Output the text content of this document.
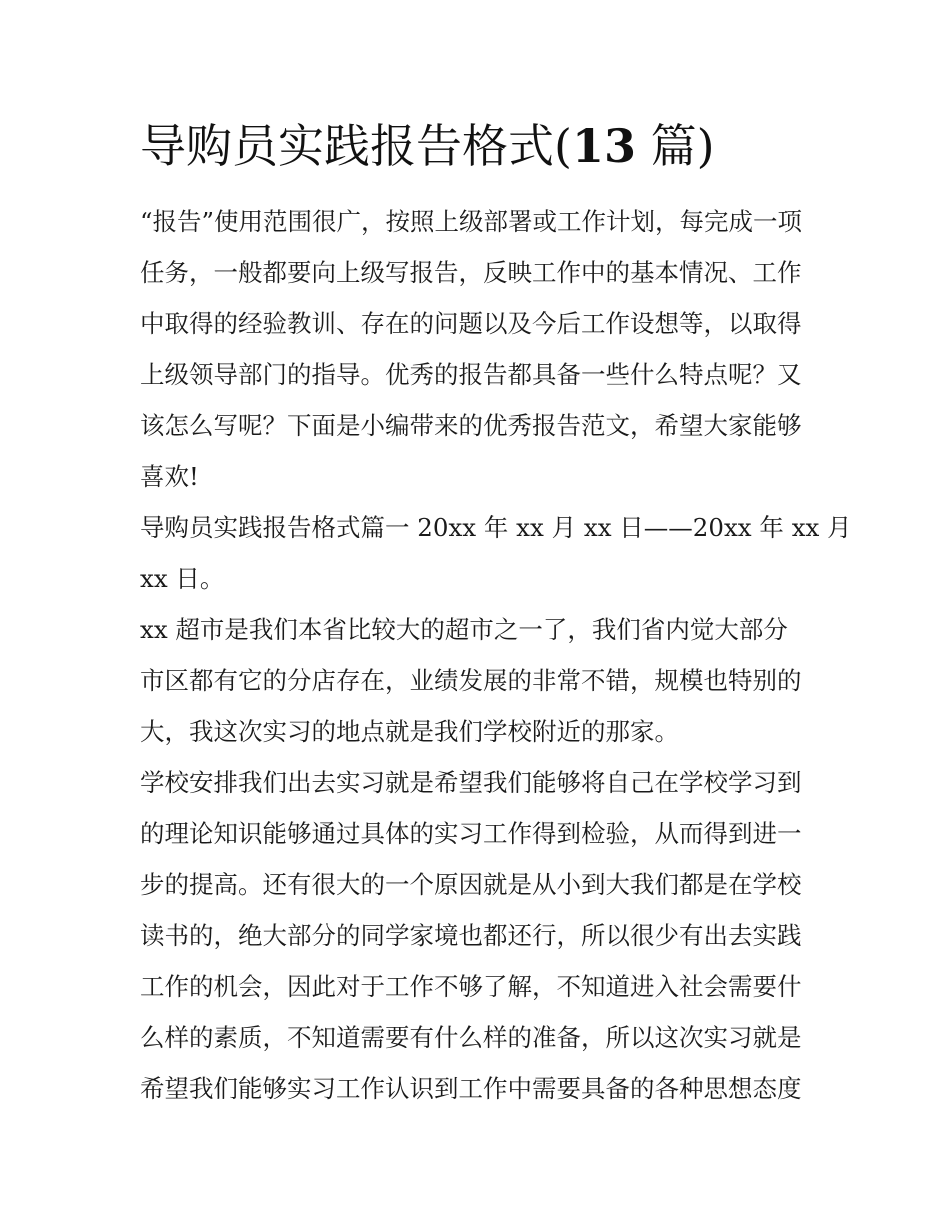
导购员实践报告格式(13 篇)
“报告”使用范围很广，按照上级部署或工作计划，每完成一项
任务，一般都要向上级写报告，反映工作中的基本情况、工作
中取得的经验教训、存在的问题以及今后工作设想等，以取得
上级领导部门的指导。优秀的报告都具备一些什么特点呢？又
该怎么写呢？下面是小编带来的优秀报告范文，希望大家能够
喜欢!
导购员实践报告格式篇一 20xx 年 xx 月 xx 日——20xx 年 xx 月
xx 日。
xx 超市是我们本省比较大的超市之一了，我们省内觉大部分
市区都有它的分店存在，业绩发展的非常不错，规模也特别的
大，我这次实习的地点就是我们学校附近的那家。
学校安排我们出去实习就是希望我们能够将自己在学校学习到
的理论知识能够通过具体的实习工作得到检验，从而得到进一
步的提高。还有很大的一个原因就是从小到大我们都是在学校
读书的，绝大部分的同学家境也都还行，所以很少有出去实践
工作的机会，因此对于工作不够了解，不知道进入社会需要什
么样的素质，不知道需要有什么样的准备，所以这次实习就是
希望我们能够实习工作认识到工作中需要具备的各种思想态度
